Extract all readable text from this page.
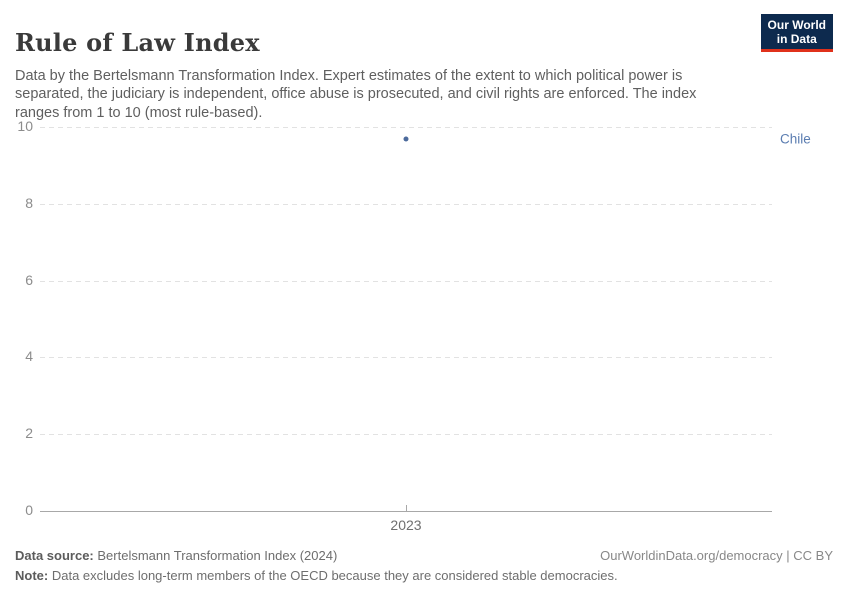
Rule of Law Index

Data by the Bertelsmann Transformation Index. Expert estimates of the extent to which political power is separated, the judiciary is independent, office abuse is prosecuted, and civil rights are enforced. The index ranges from 1 to 10 (most rule-based).

Our World
in Data
2023
Chile
0
2
4
6
8
10
Data source: Bertelsmann Transformation Index (2024)
Note: Data excludes long-term members of the OECD because they are considered stable democracies.
OurWorldinData.org/democracy | CC BY
